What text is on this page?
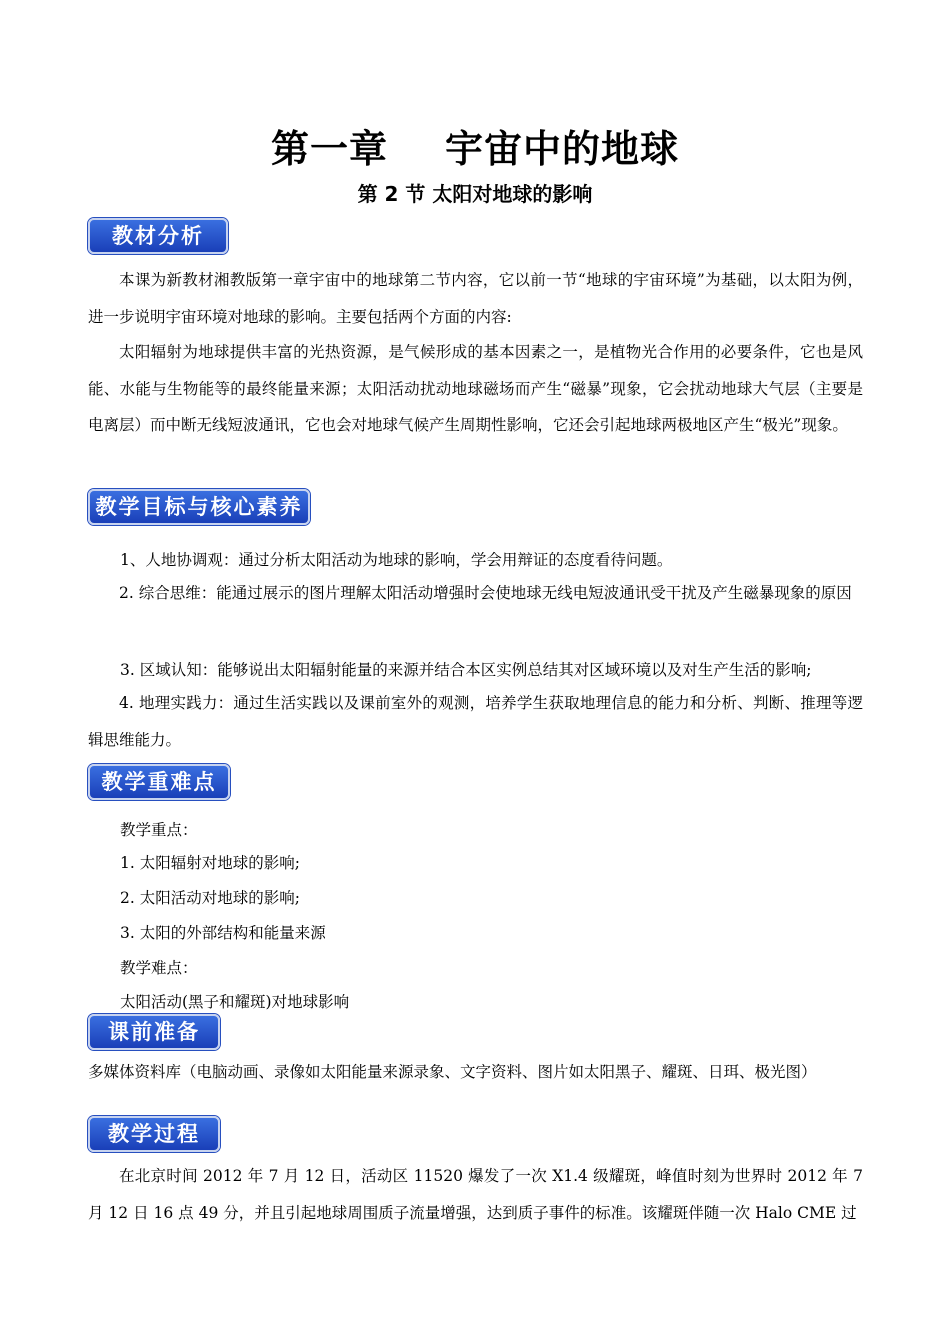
第一章    宇宙中的地球
第 2 节 太阳对地球的影响
教材分析

本课为新教材湘教版第一章宇宙中的地球第二节内容，它以前一节“地球的宇宙环境”为基础，以太阳为例，进一步说明宇宙环境对地球的影响。主要包括两个方面的内容:

太阳辐射为地球提供丰富的光热资源，是气候形成的基本因素之一，是植物光合作用的必要条件，它也是风能、水能与生物能等的最终能量来源；太阳活动扰动地球磁场而产生“磁暴”现象，它会扰动地球大气层（主要是电离层）而中断无线短波通讯，它也会对地球气候产生周期性影响，它还会引起地球两极地区产生“极光”现象。

教学目标与核心素养
1、人地协调观：通过分析太阳活动为地球的影响，学会用辩证的态度看待问题。

2. 综合思维：能通过展示的图片理解太阳活动增强时会使地球无线电短波通讯受干扰及产生磁暴现象的原因

3. 区域认知：能够说出太阳辐射能量的来源并结合本区实例总结其对区域环境以及对生产生活的影响;

4. 地理实践力：通过生活实践以及课前室外的观测，培养学生获取地理信息的能力和分析、判断、推理等逻辑思维能力。

教学重难点
教学重点：
1. 太阳辐射对地球的影响;
2. 太阳活动对地球的影响;
3. 太阳的外部结构和能量来源
教学难点：
太阳活动(黑子和耀斑)对地球影响
课前准备

多媒体资料库（电脑动画、录像如太阳能量来源录象、文字资料、图片如太阳黑子、耀斑、日珥、极光图）

教学过程

在北京时间 2012 年 7 月 12 日，活动区 11520 爆发了一次 X1.4 级耀斑，峰值时刻为世界时 2012 年 7 月 12 日 16 点 49 分，并且引起地球周围质子流量增强，达到质子事件的标准。该耀斑伴随一次 Halo CME 过
